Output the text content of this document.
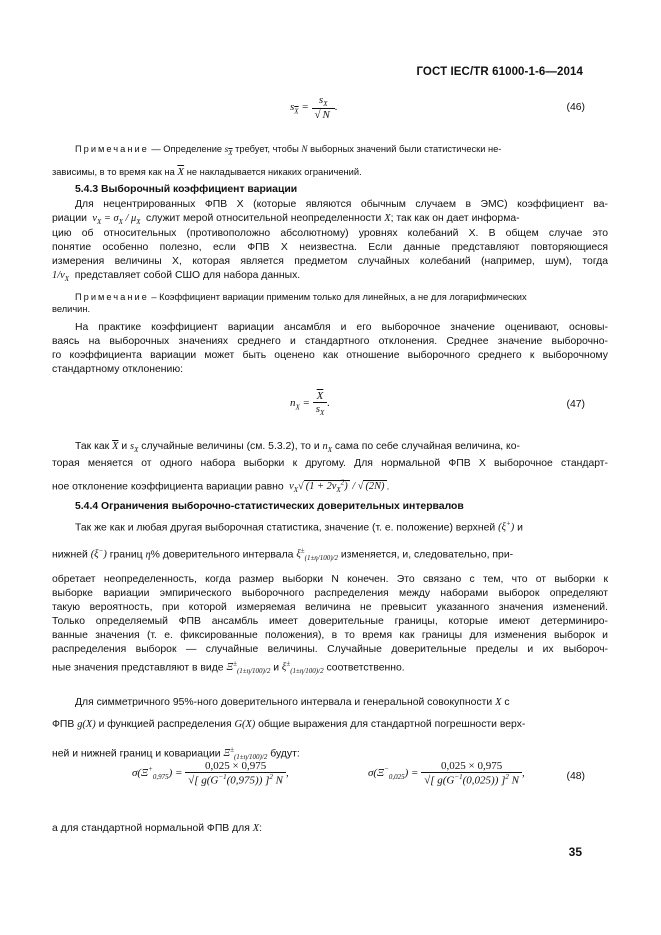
ГОСТ IEC/TR 61000-1-6—2014
$s_{\overline{X}} = \frac{s_X}{√ N}$ .	(46)
Примечание — Определение $s_{\overline{X}}$ требует, чтобы N выборных значений были статистически не-
зависимы, в то время как на $\overline{X}$ не накладывается никаких ограничений.
5.4.3 Выборочный коэффициент вариации
Для нецентрированных ФПВ X (которые являются обычным случаем в ЭМС) коэффициент ва-
риации  $v_X = \sigma_X / \mu_X$ служит мерой относительной неопределенности X; так как он дает информа-
цию об относительных (противоположно абсолютному) уровнях колебаний X. В общем случае это
понятие особенно полезно, если ФПВ X неизвестна. Если данные представляют повторяющиеся
измерения величины X, которая является предметом случайных колебаний (например, шум), тогда
$1/v_X$ представляет собой СШО для набора данных.
Примечание – Коэффициент вариации применим только для линейных, а не для логарифмических
величин.
На практике коэффициент вариации ансамбля и его выборочное значение оценивают, основы-
ваясь на выборочных значениях среднего и стандартного отклонения. Среднее значение выборочно-
го коэффициента вариации может быть оценено как отношение выборочного среднего к выборочному
стандартному отклонению:
$n_X = \frac{\overline{X}}{s_X}$ .	(47)
Так как $\overline{X}$ и $s_X$ случайные величины (см. 5.3.2), то и $n_X$ сама по себе случайная величина, ко-
торая меняется от одного набора выборки к другому. Для нормальной ФПВ X выборочное стандарт-
ное отклонение коэффициента вариации равно  $v_X√$ $(1 + 2v_X^2)$ / √ (2N) .
5.4.4 Ограничения выборочно-статистических доверительных интервалов
Так же как и любая другая выборочная статистика, значение (т. е. положение) верхней (ξ+) и
нижней (ξ−) границ η% доверительного интервала $\xi^\pm_{(1\pm\eta/100)/2}$ изменяется, и, следовательно, при-
обретает неопределенность, когда размер выборки N конечен. Это связано с тем, что от выборки к
выборке вариации эмпирического выборочного распределения между наборами выборок определяют
такую вероятность, при которой измеряемая величина не превысит указанного значения изменений.
Только определяемый ФПВ ансамбль имеет доверительные границы, которые имеют детерминиро-
ванные значения (т. е. фиксированные положения), в то время как границы для изменения выборок и
распределения выборок — случайные величины. Случайные доверительные пределы и их выбороч-
ные значения представляют в виде $\Xi^\pm_{(1\pm\eta/100)/2}$ и $\xi^\pm_{(1\pm\eta/100)/2}$ соответственно.
Для симметричного 95%-ного доверительного интервала и генеральной совокупности X с
ФПВ g(X) и функцией распределения G(X) общие выражения для стандартной погрешности верх-
ней и нижней границ и ковариации $\Xi^\pm_{(1\pm\eta/100)/2}$ будут:
$\sigma(\Xi^+_{0,975}) = \frac{0,025 \times 0,975}{√[ g(G^{-1}(0,975)) ]^2 N}$ ,	$\sigma(\Xi^-_{0,025}) = \frac{0,025 \times 0,975}{√[ g(G^{-1}(0,025)) ]^2 N}$ ,	(48)
а для стандартной нормальной ФПВ для X:
35
